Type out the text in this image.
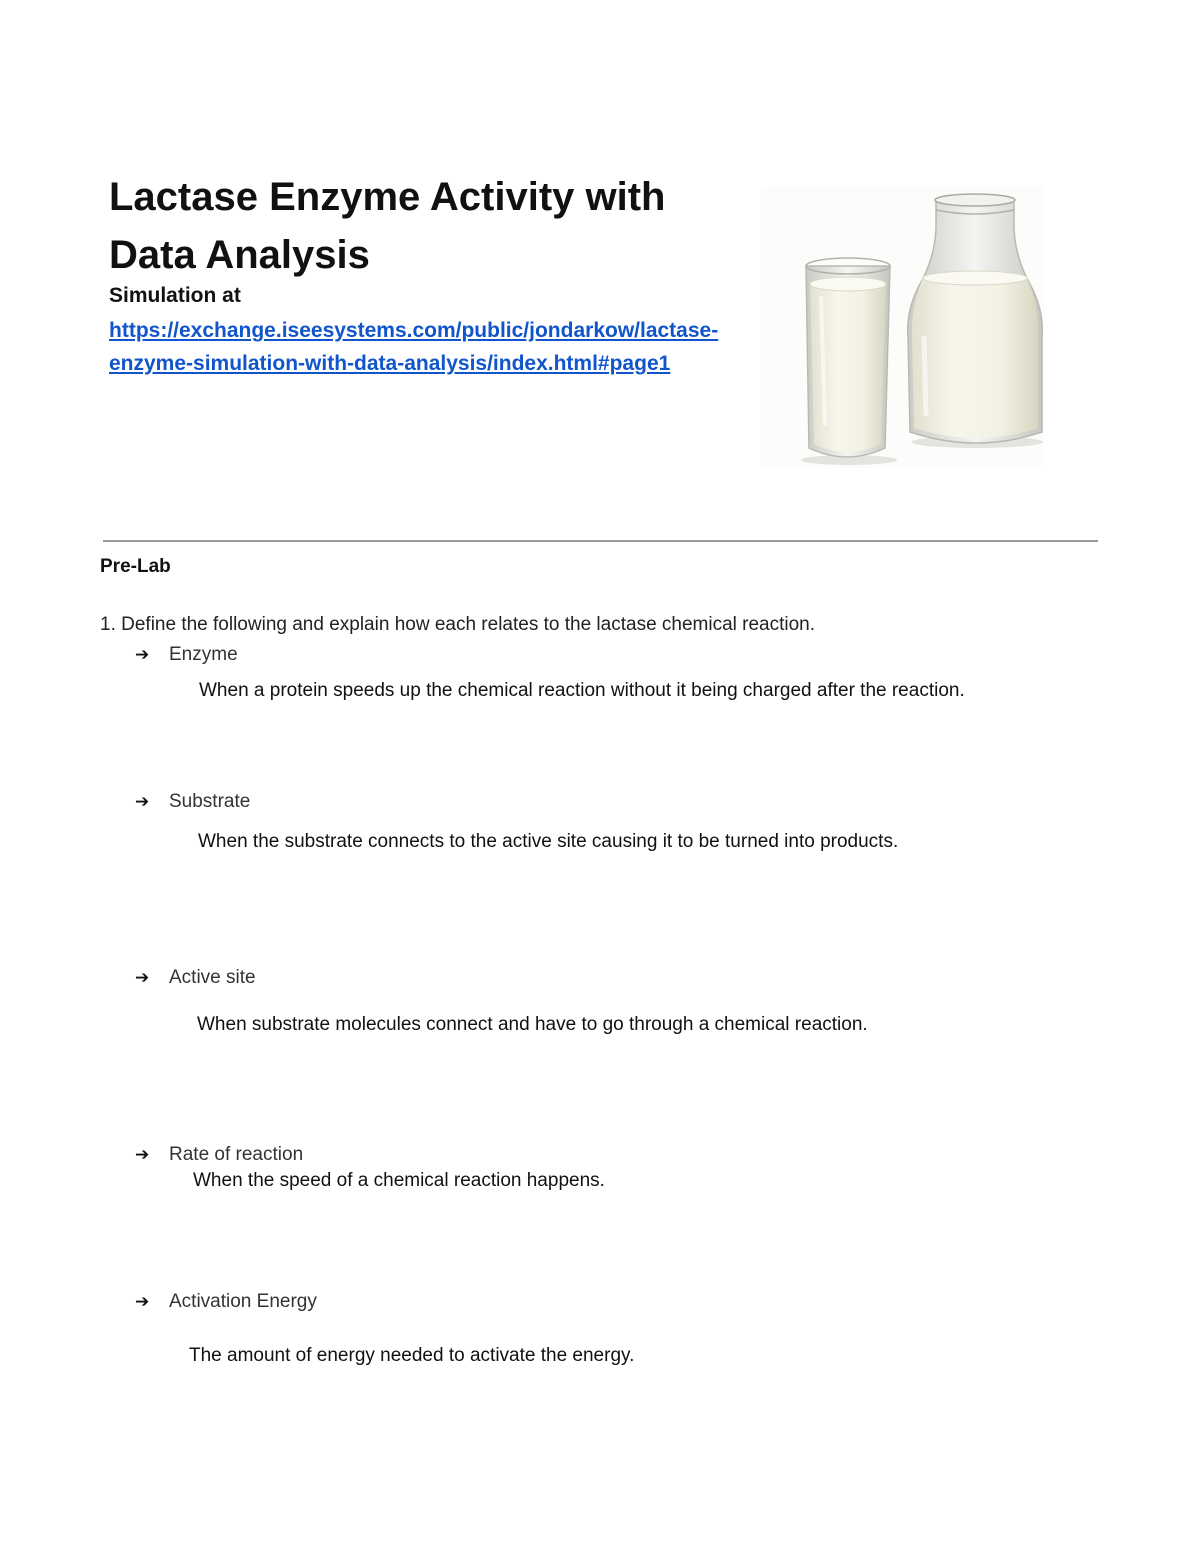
Lactase Enzyme Activity with Data Analysis
Simulation at
https://exchange.iseesystems.com/public/jondarkow/lactase-enzyme-simulation-with-data-analysis/index.html#page1
Pre-Lab
1. Define the following and explain how each relates to the lactase chemical reaction.
➔ Enzyme
When a protein speeds up the chemical reaction without it being charged after the reaction.
➔ Substrate
When the substrate connects to the active site causing it to be turned into products.
➔ Active site
When substrate molecules connect and have to go through a chemical reaction.
➔ Rate of reaction
When the speed of a chemical reaction happens.
➔ Activation Energy
The amount of energy needed to activate the energy.
